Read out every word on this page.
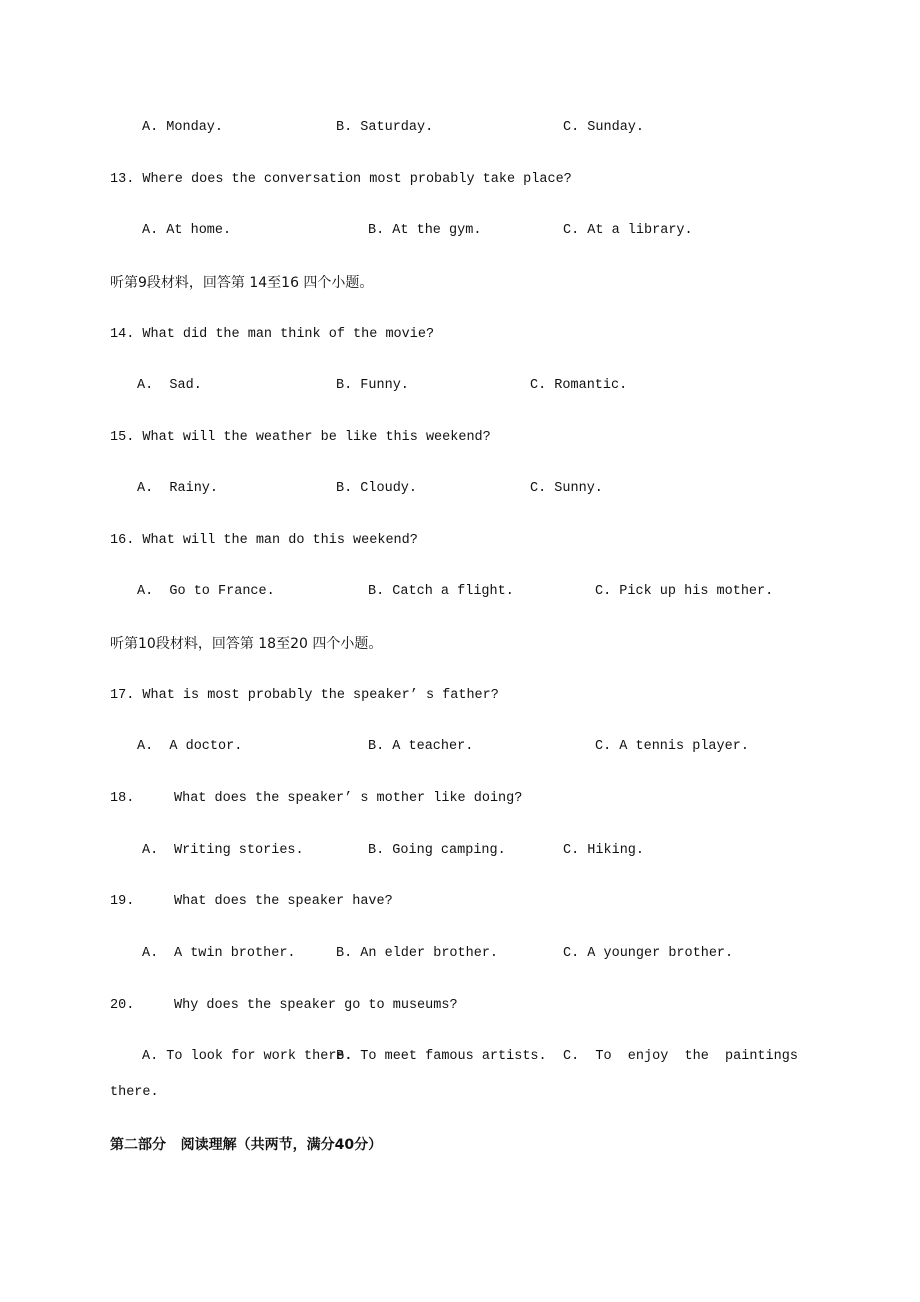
A. Monday.

	B. Saturday.

	C. Sunday.

13. Where does the conversation most probably take place?

A. At home.

	B. At the gym.

	C. At a library.

听第9段材料，回答第 14至16 四个小题。
14. What did the man think of the movie?

A.  Sad.

	B. Funny.

	C. Romantic.

15. What will the weather be like this weekend?

A.  Rainy.

	B. Cloudy.

	C. Sunny.

16. What will the man do this weekend?

A.  Go to France.

	B. Catch a flight.

	C. Pick up his mother.

听第10段材料，回答第 18至20 四个小题。
17. What is most probably the speaker’ s father?

A.  A doctor.

	B. A teacher.

	C. A tennis player.

18.

	What does the speaker’ s mother like doing?

A.

Writing stories.

	B. Going camping.

	C. Hiking.

19.

	What does the speaker have?

A.

A twin brother.

	B. An elder brother.

	C. A younger brother.

20.

	Why does the speaker go to museums?

A. To look for work there.

B. To meet famous artists.

C.  To  enjoy  the  paintings

there.
第二部分   阅读理解（共两节，满分40分）
